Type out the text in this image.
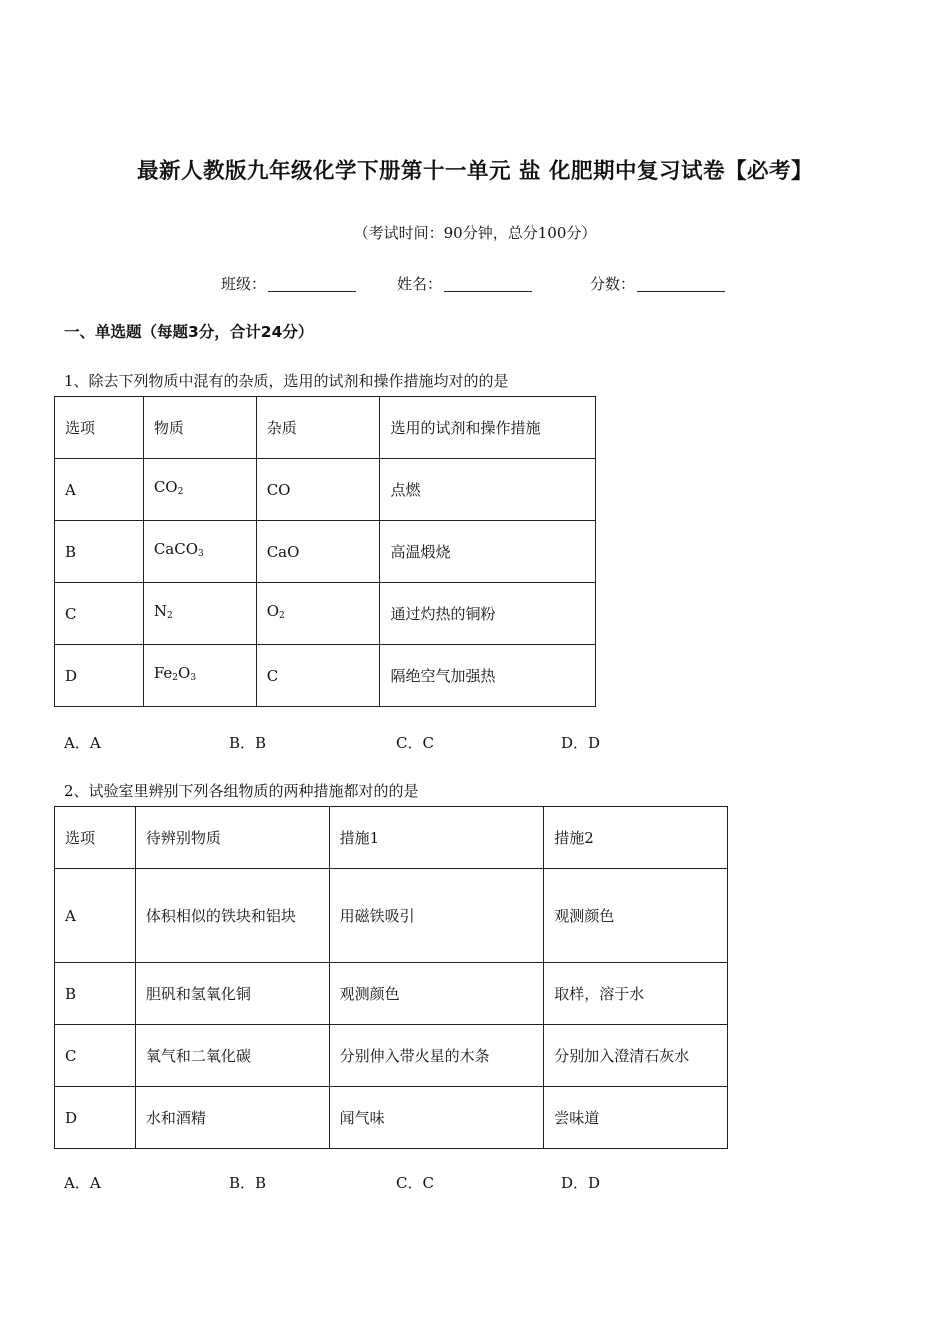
最新人教版九年级化学下册第十一单元 盐 化肥期中复习试卷【必考】
（考试时间：90分钟，总分100分）
班级：	姓名：	分数：
一、单选题（每题3分，合计24分）
1、除去下列物质中混有的杂质，选用的试剂和操作措施均对的的是
选项	物质	杂质	选用的试剂和操作措施
A	$CO_2$	CO	点燃
B	CaCO$_3$	CaO	高温煅烧
C	$N_2$	$O_2$	通过灼热的铜粉
D	$Fe_2O_3$	C	隔绝空气加强热
A．A	B．B	C．C	D．D
2、试验室里辨别下列各组物质的两种措施都对的的是
选项	待辨别物质	措施1	措施2
A	体积相似的铁块和铝块	用磁铁吸引	观测颜色
B	胆矾和氢氧化铜	观测颜色	取样，溶于水
C	氧气和二氧化碳	分别伸入带火星的木条	分别加入澄清石灰水
D	水和酒精	闻气味	尝味道
A．A	B．B	C．C	D．D
